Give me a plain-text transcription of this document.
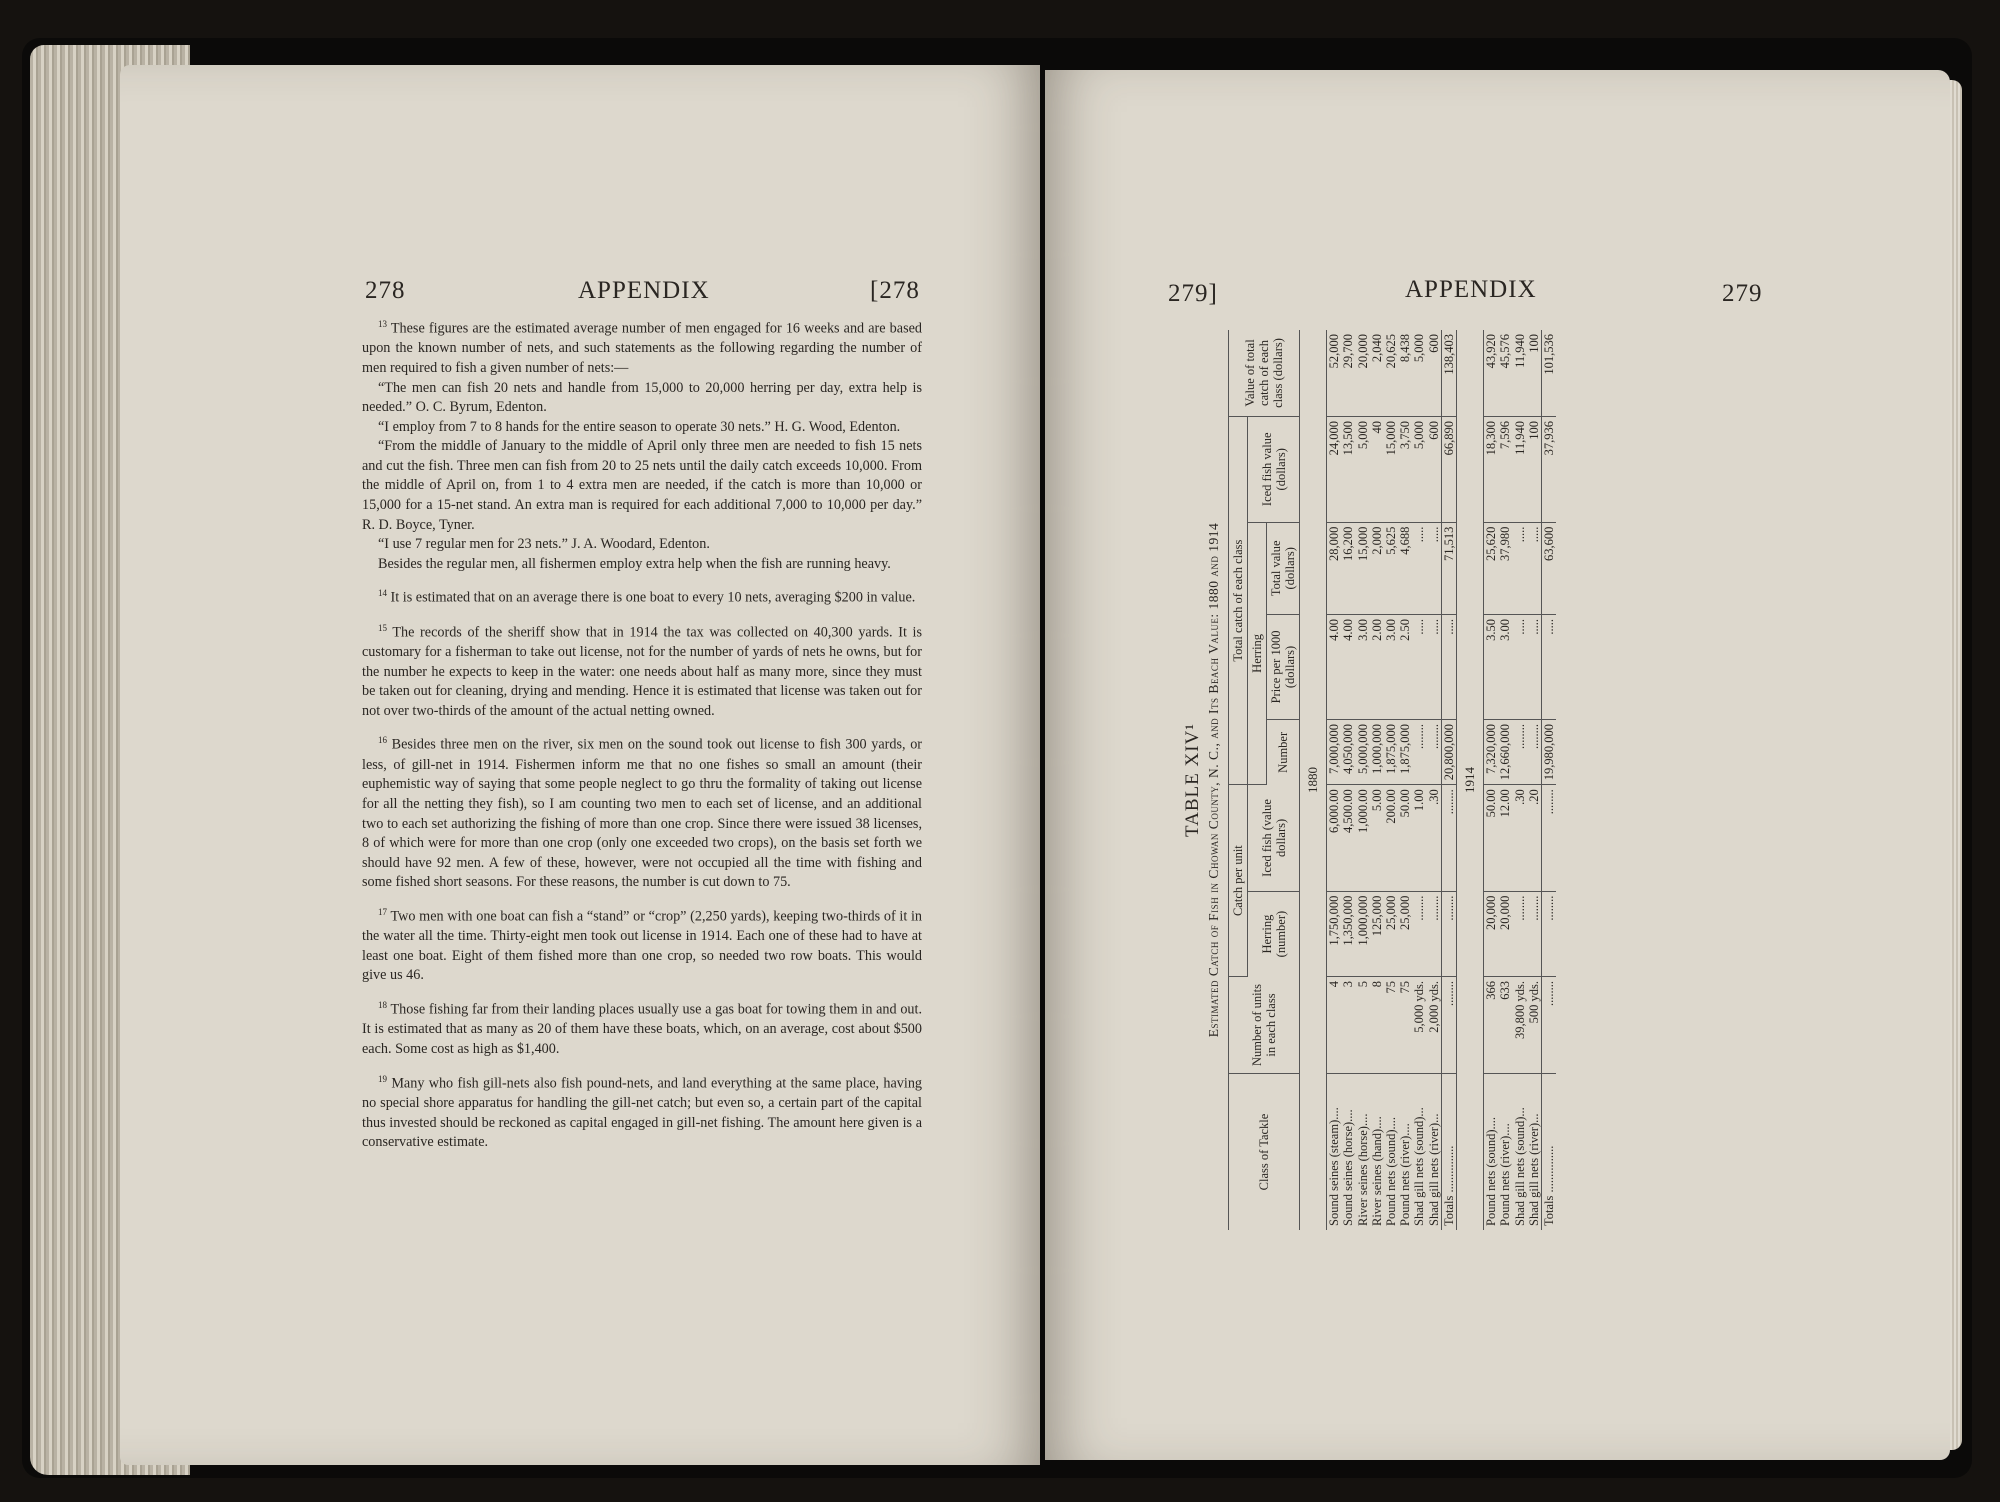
278	APPENDIX	[278

$^{13}$ These figures are the estimated average number of men engaged for 16 weeks and are based upon the known number of nets, and such statements as the following regarding the number of men required to fish a given number of nets:—

“The men can fish 20 nets and handle from 15,000 to 20,000 herring per day, extra help is needed.” O. C. Byrum, Edenton.

“I employ from 7 to 8 hands for the entire season to operate 30 nets.” H. G. Wood, Edenton.

“From the middle of January to the middle of April only three men are needed to fish 15 nets and cut the fish. Three men can fish from 20 to 25 nets until the daily catch exceeds 10,000. From the middle of April on, from 1 to 4 extra men are needed, if the catch is more than 10,000 or 15,000 for a 15-net stand. An extra man is required for each additional 7,000 to 10,000 per day.” R. D. Boyce, Tyner.

“I use 7 regular men for 23 nets.” J. A. Woodard, Edenton.

Besides the regular men, all fishermen employ extra help when the fish are running heavy.

$^{14}$ It is estimated that on an average there is one boat to every 10 nets, averaging $200 in value.

$^{15}$ The records of the sheriff show that in 1914 the tax was collected on 40,300 yards. It is customary for a fisherman to take out license, not for the number of yards of nets he owns, but for the number he expects to keep in the water: one needs about half as many more, since they must be taken out for cleaning, drying and mending. Hence it is estimated that license was taken out for not over two-thirds of the amount of the actual netting owned.

$^{16}$ Besides three men on the river, six men on the sound took out license to fish 300 yards, or less, of gill-net in 1914. Fishermen inform me that no one fishes so small an amount (their euphemistic way of saying that some people neglect to go thru the formality of taking out license for all the netting they fish), so I am counting two men to each set of license, and an additional two to each set authorizing the fishing of more than one crop. Since there were issued 38 licenses, 8 of which were for more than one crop (only one exceeded two crops), on the basis set forth we should have 92 men. A few of these, however, were not occupied all the time with fishing and some fished short seasons. For these reasons, the number is cut down to 75.

$^{17}$ Two men with one boat can fish a “stand” or “crop” (2,250 yards), keeping two-thirds of it in the water all the time. Thirty-eight men took out license in 1914. Each one of these had to have at least one boat. Eight of them fished more than one crop, so needed two row boats. This would give us 46.

$^{18}$ Those fishing far from their landing places usually use a gas boat for towing them in and out. It is estimated that as many as 20 of them have these boats, which, on an average, cost about $500 each. Some cost as high as $1,400.

$^{19}$ Many who fish gill-nets also fish pound-nets, and land everything at the same place, having no special shore apparatus for handling the gill-net catch; but even so, a certain part of the capital thus invested should be reckoned as capital engaged in gill-net fishing. The amount here given is a conservative estimate.

279]	APPENDIX	279
TABLE XIV¹ Estimated Catch of Fish in Chowan County, N. C., and Its Beach Value: 1880 and 1914
Class of Tackle	Number of units in each class	Catch per unit		Total catch of each class				Value of total catch of each class (dollars)
		Herring (number)	Iced fish (value dollars)	Herring			Iced fish value (dollars)	
				Number	Price per 1000 (dollars)	Total value (dollars)		
1880								
Sound seines (steam)....	4	1,750,000	6,000.00	7,000,000	4.00	28,000	24,000	52,000
Sound seines (horse)....	3	1,350,000	4,500.00	4,050,000	4.00	16,200	13,500	29,700
River seines (horse)....	5	1,000,000	1,000.00	5,000,000	3.00	15,000	5,000	20,000
River seines (hand)....	8	125,000	5.00	1,000,000	2.00	2,000	40	2,040
Pound nets (sound)....	75	25,000	200.00	1,875,000	3.00	5,625	15,000	20,625
Pound nets (river)....	75	25,000	50.00	1,875,000	2.50	4,688	3,750	8,438
Shad gill nets (sound)...	5,000 yds.	........	1.00	........	.....	.....	5,000	5,000
Shad gill nets (river)...	2,000 yds.	........	.30	........	.....	.....	600	600
Totals ...............	........	........	........	20,800,000	.....	71,513	66,890	138,403
1914								
Pound nets (sound)....	366	20,000	50.00	7,320,000	3.50	25,620	18,300	43,920
Pound nets (river)....	633	20,000	12.00	12,660,000	3.00	37,980	7,596	45,576
Shad gill nets (sound)...	39,800 yds.	........	.30	........	.....	.....	11,940	11,940
Shad gill nets (river)...	500 yds.	........	.20	........	.....	.....	100	100
Totals ...............	........	........	........	19,980,000	.....	63,600	37,936	101,536
